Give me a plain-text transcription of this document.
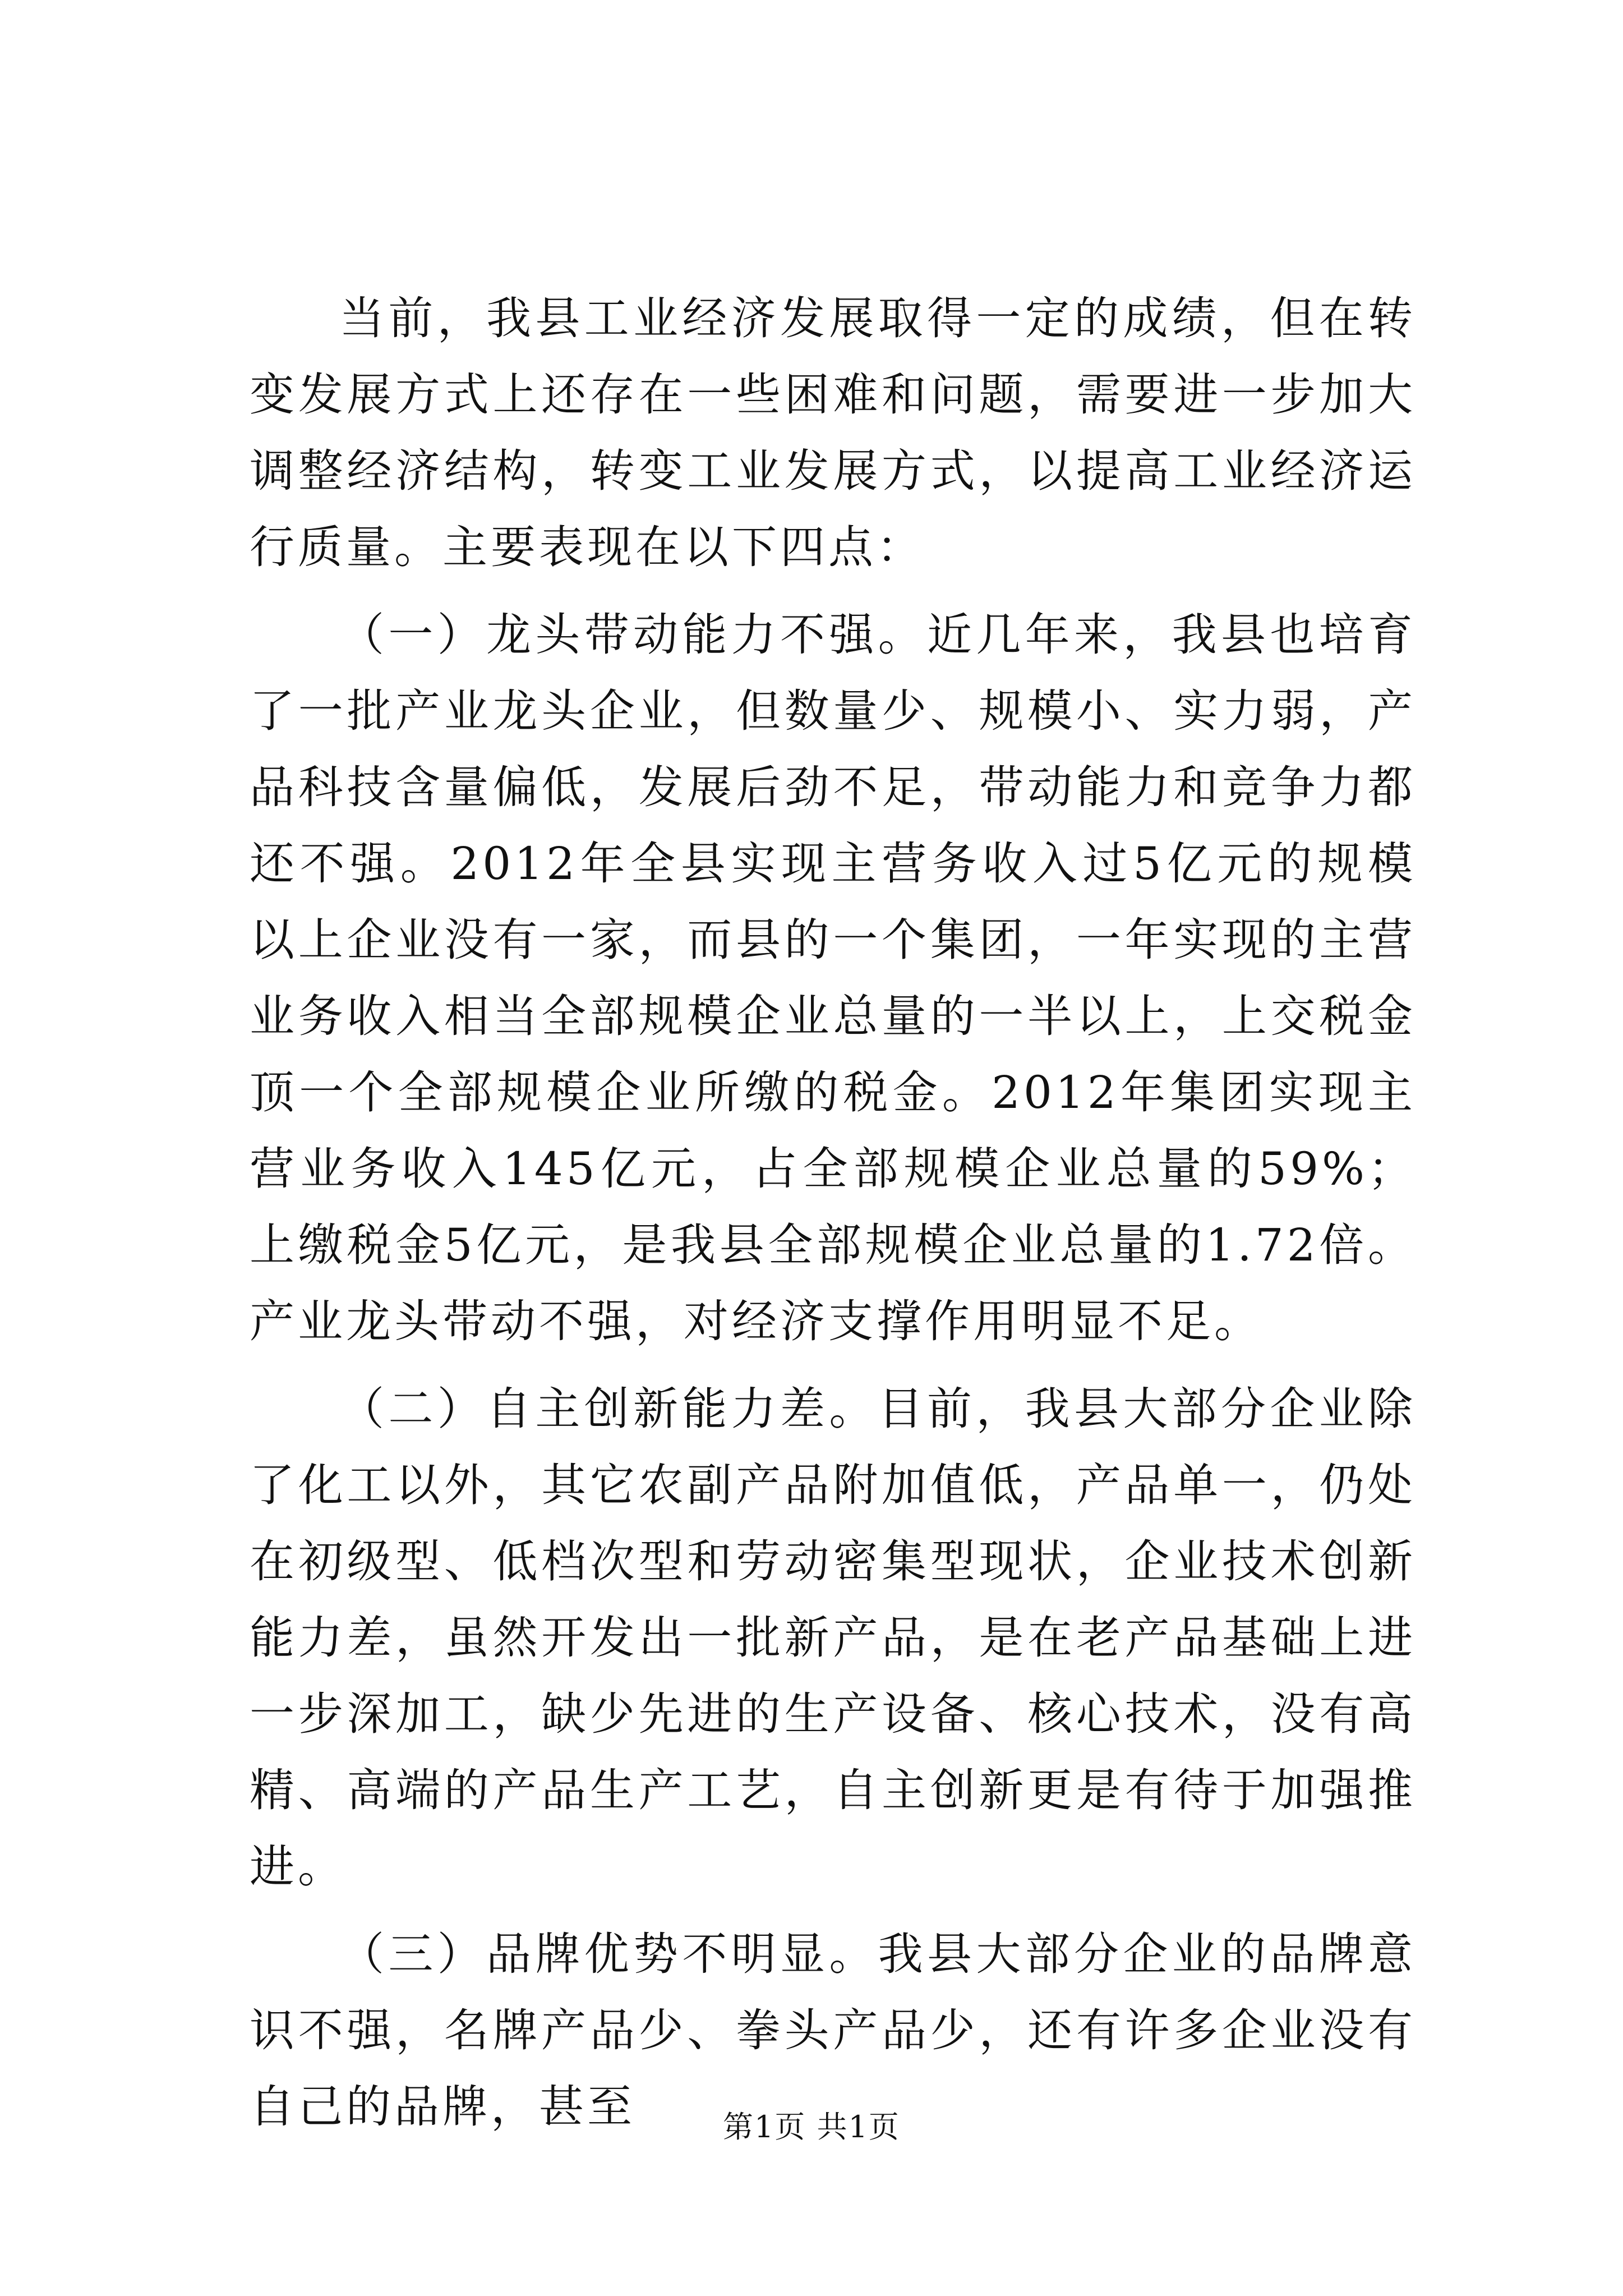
当前，我县工业经济发展取得一定的成绩，但在转变发展方式上还存在一些困难和问题，需要进一步加大调整经济结构，转变工业发展方式，以提高工业经济运行质量。主要表现在以下四点：

（一）龙头带动能力不强。近几年来，我县也培育了一批产业龙头企业，但数量少、规模小、实力弱，产品科技含量偏低，发展后劲不足，带动能力和竞争力都还不强。2012年全县实现主营务收入过5亿元的规模以上企业没有一家，而县的一个集团，一年实现的主营业务收入相当全部规模企业总量的一半以上，上交税金顶一个全部规模企业所缴的税金。2012年集团实现主营业务收入145亿元，占全部规模企业总量的59%；上缴税金5亿元，是我县全部规模企业总量的1.72倍。产业龙头带动不强，对经济支撑作用明显不足。

（二）自主创新能力差。目前，我县大部分企业除了化工以外，其它农副产品附加值低，产品单一，仍处在初级型、低档次型和劳动密集型现状，企业技术创新能力差，虽然开发出一批新产品，是在老产品基础上进一步深加工，缺少先进的生产设备、核心技术，没有高精、高端的产品生产工艺，自主创新更是有待于加强推进。

（三）品牌优势不明显。我县大部分企业的品牌意识不强，名牌产品少、拳头产品少，还有许多企业没有自己的品牌，甚至	第1页 共1页
